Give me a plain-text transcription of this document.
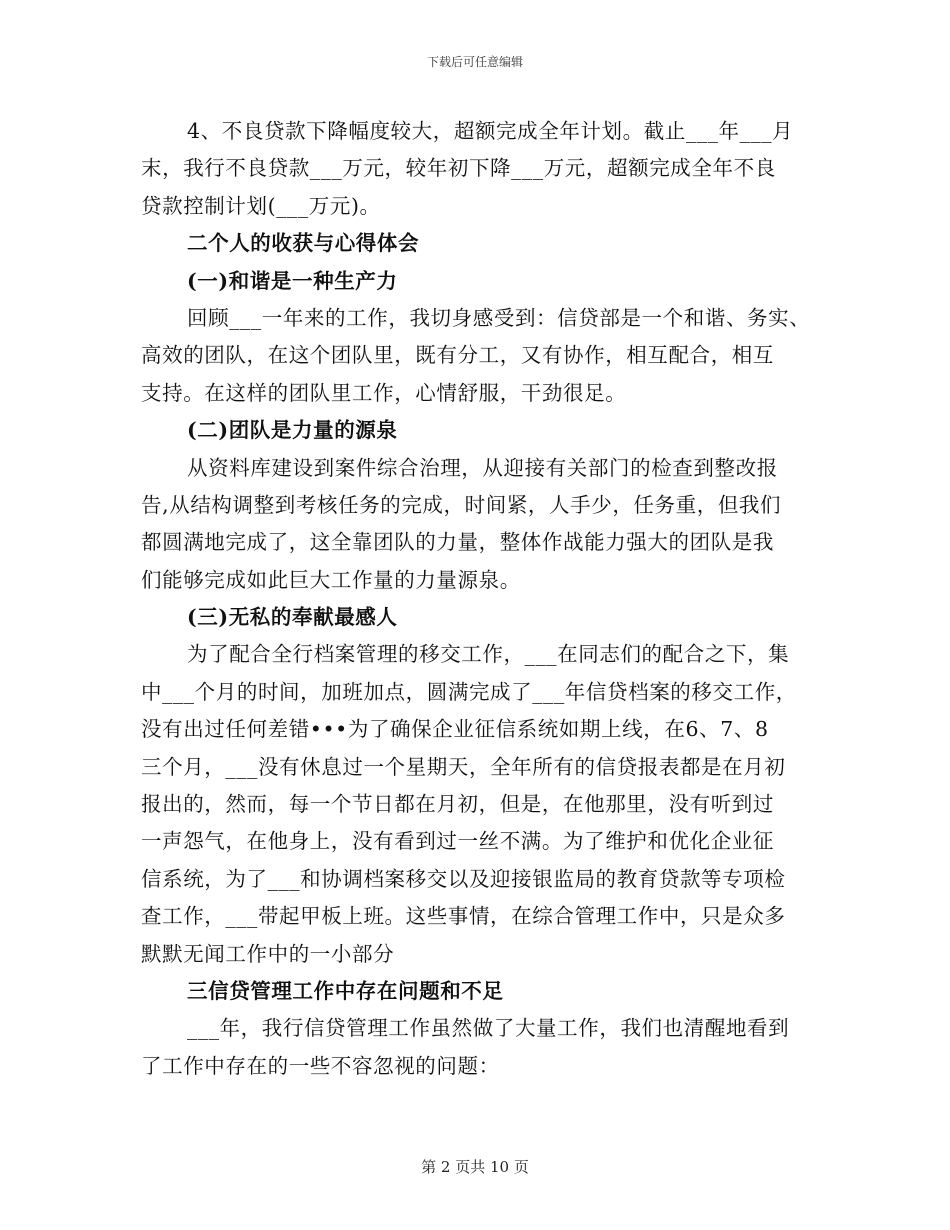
下载后可任意编辑
4、不良贷款下降幅度较大，超额完成全年计划。截止___年___月
末，我行不良贷款___万元，较年初下降___万元，超额完成全年不良
贷款控制计划(___万元)。
二个人的收获与心得体会
(一)和谐是一种生产力
回顾___一年来的工作，我切身感受到：信贷部是一个和谐、务实、
高效的团队，在这个团队里，既有分工，又有协作，相互配合，相互
支持。在这样的团队里工作，心情舒服，干劲很足。
(二)团队是力量的源泉
从资料库建设到案件综合治理，从迎接有关部门的检查到整改报
告,从结构调整到考核任务的完成，时间紧，人手少，任务重，但我们
都圆满地完成了，这全靠团队的力量，整体作战能力强大的团队是我
们能够完成如此巨大工作量的力量源泉。
(三)无私的奉献最感人
为了配合全行档案管理的移交工作，___在同志们的配合之下，集
中___个月的时间，加班加点，圆满完成了___年信贷档案的移交工作，
没有出过任何差错•••为了确保企业征信系统如期上线，在6、7、8
三个月，___没有休息过一个星期天，全年所有的信贷报表都是在月初
报出的，然而，每一个节日都在月初，但是，在他那里，没有听到过
一声怨气，在他身上，没有看到过一丝不满。为了维护和优化企业征
信系统，为了___和协调档案移交以及迎接银监局的教育贷款等专项检
查工作，___带起甲板上班。这些事情，在综合管理工作中，只是众多
默默无闻工作中的一小部分
三信贷管理工作中存在问题和不足
___年，我行信贷管理工作虽然做了大量工作，我们也清醒地看到
了工作中存在的一些不容忽视的问题：
第 2 页共 10 页
